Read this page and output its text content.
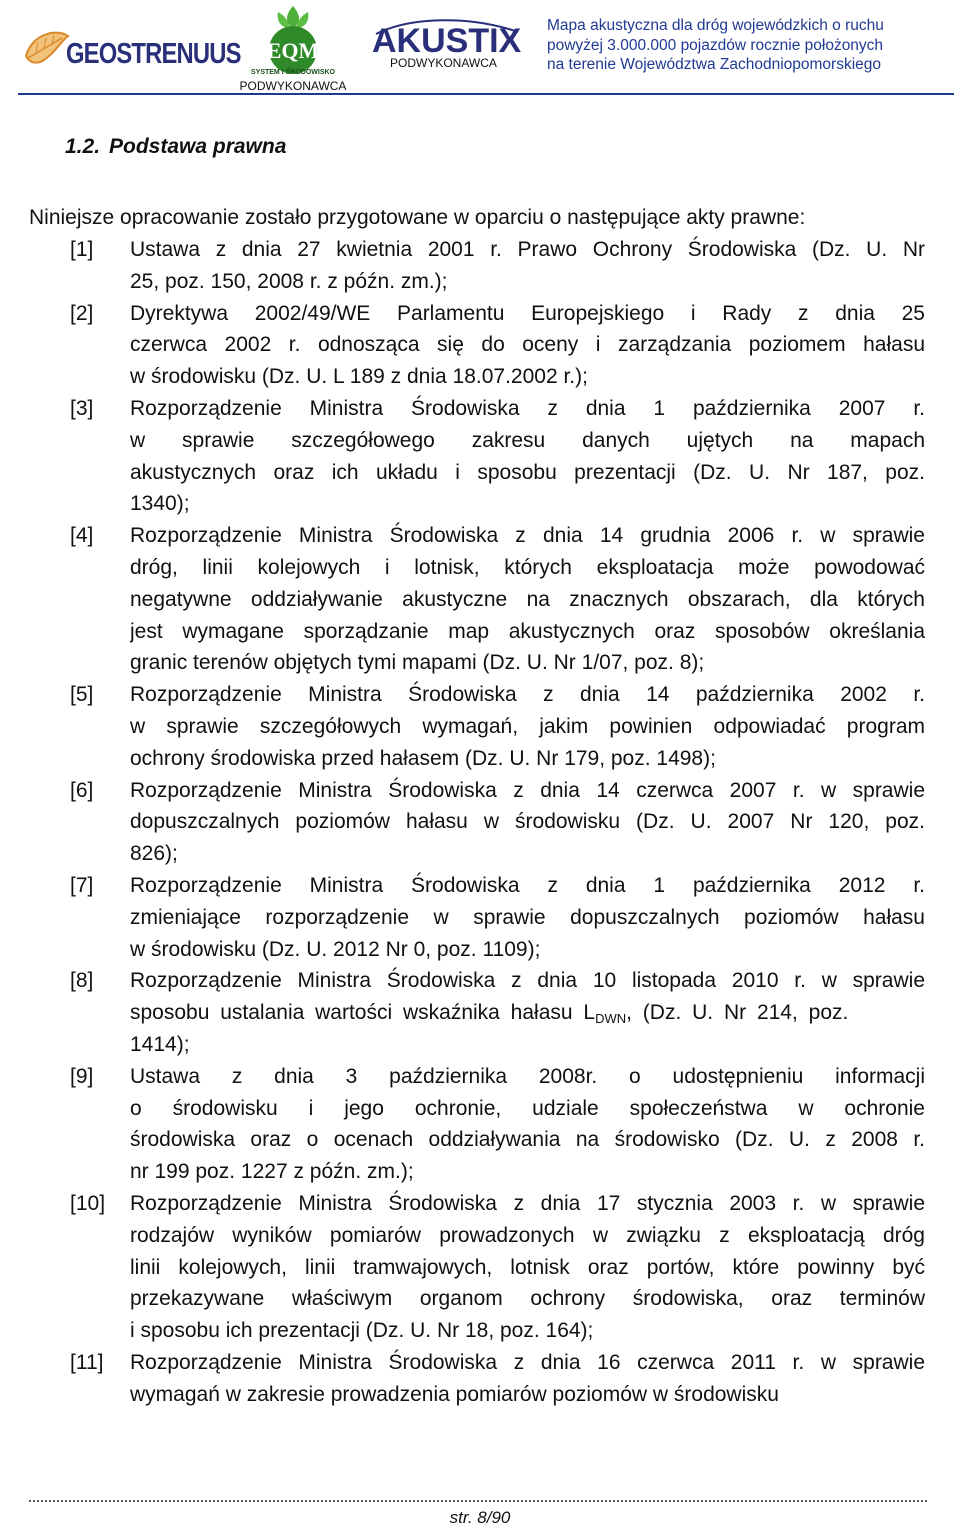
GEOSTRENUUS EQM
SYSTEM I ŚRODOWISKO
PODWYKONAWCA
AKUSTIX
PODWYKONAWCA
Mapa akustyczna dla dróg wojewódzkich o ruchu
powyżej 3.000.000 pojazdów rocznie położonych
na terenie Województwa Zachodniopomorskiego
1.2. Podstawa prawna
Niniejsze opracowanie zostało przygotowane w oparciu o następujące akty prawne:
[1] Ustawa z dnia 27 kwietnia 2001 r. Prawo Ochrony Środowiska (Dz. U. Nr
25, poz. 150, 2008 r. z późn. zm.);
[2] Dyrektywa 2002/49/WE Parlamentu Europejskiego i Rady z dnia 25
czerwca 2002 r. odnosząca się do oceny i zarządzania poziomem hałasu
w środowisku (Dz. U. L 189 z dnia 18.07.2002 r.);
[3] Rozporządzenie Ministra Środowiska z dnia 1 października 2007 r.
w sprawie szczegółowego zakresu danych ujętych na mapach
akustycznych oraz ich układu i sposobu prezentacji (Dz. U. Nr 187, poz.
1340);
[4] Rozporządzenie Ministra Środowiska z dnia 14 grudnia 2006 r. w sprawie
dróg, linii kolejowych i lotnisk, których eksploatacja może powodować
negatywne oddziaływanie akustyczne na znacznych obszarach, dla których
jest wymagane sporządzanie map akustycznych oraz sposobów określania
granic terenów objętych tymi mapami (Dz. U. Nr 1/07, poz. 8);
[5] Rozporządzenie Ministra Środowiska z dnia 14 października 2002 r.
w sprawie szczegółowych wymagań, jakim powinien odpowiadać program
ochrony środowiska przed hałasem (Dz. U. Nr 179, poz. 1498);
[6] Rozporządzenie Ministra Środowiska z dnia 14 czerwca 2007 r. w sprawie
dopuszczalnych poziomów hałasu w środowisku (Dz. U. 2007 Nr 120, poz.
826);
[7] Rozporządzenie Ministra Środowiska z dnia 1 października 2012 r.
zmieniające rozporządzenie w sprawie dopuszczalnych poziomów hałasu
w środowisku (Dz. U. 2012 Nr 0, poz. 1109);
[8] Rozporządzenie Ministra Środowiska z dnia 10 listopada 2010 r. w sprawie
sposobu ustalania wartości wskaźnika hałasu $L_{DWN}$, (Dz. U. Nr 214, poz.
1414);
[9] Ustawa z dnia 3 października 2008r. o udostępnieniu informacji
o środowisku i jego ochronie, udziale społeczeństwa w ochronie
środowiska oraz o ocenach oddziaływania na środowisko (Dz. U. z 2008 r.
nr 199 poz. 1227 z późn. zm.);
[10] Rozporządzenie Ministra Środowiska z dnia 17 stycznia 2003 r. w sprawie
rodzajów wyników pomiarów prowadzonych w związku z eksploatacją dróg
linii kolejowych, linii tramwajowych, lotnisk oraz portów, które powinny być
przekazywane właściwym organom ochrony środowiska, oraz terminów
i sposobu ich prezentacji (Dz. U. Nr 18, poz. 164);
[11] Rozporządzenie Ministra Środowiska z dnia 16 czerwca 2011 r. w sprawie
wymagań w zakresie prowadzenia pomiarów poziomów w środowisku
str. 8/90
